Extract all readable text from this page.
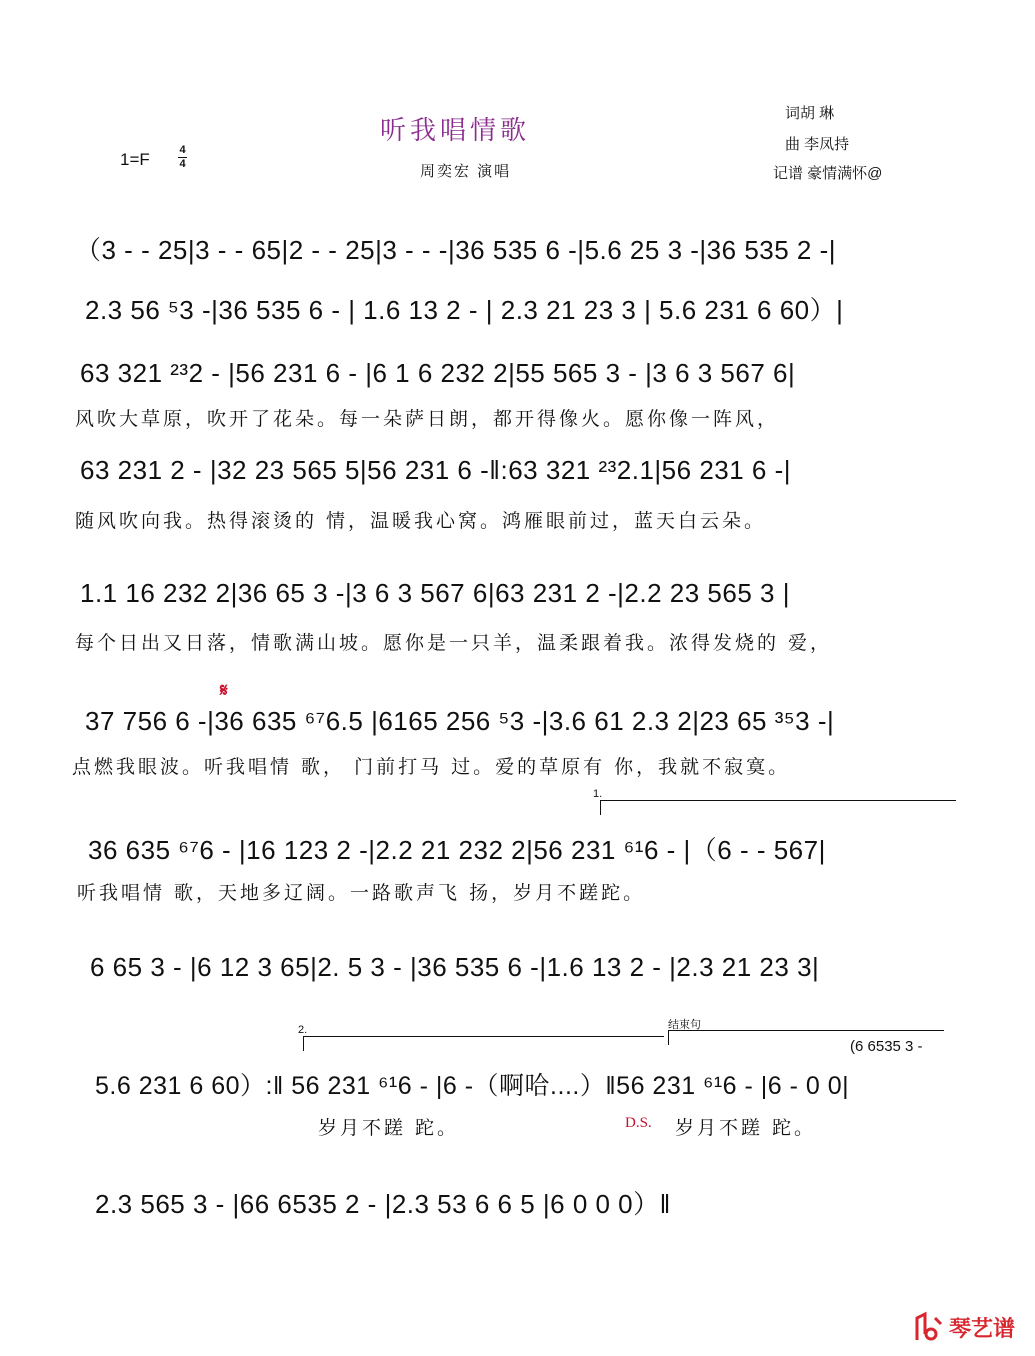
听我唱情歌
周奕宏 演唱
1=F	4
4
词胡 琳
曲 李凤持
记谱 豪情满怀@
（3 - - 25|3 - - 65|2 - - 25|3 - - -|36 535 6 -|5.6 25 3 -|36 535 2 -|
2.3 56 ⁵3 -|36 535 6 - | 1.6 13 2 - | 2.3 21 23 3 | 5.6 231 6 60）|
63 321 ²³2 - |56 231 6 - |6 1 6 232 2|55 565 3 - |3 6 3 567 6|
风吹大草原，吹开了花朵。每一朵萨日朗，都开得像火。愿你像一阵风，
63 231 2 - |32 23 565 5|56 231 6 -‖:63 321 ²³2.1|56 231 6 -|
随风吹向我。热得滚烫的 情，温暖我心窝。鸿雁眼前过，蓝天白云朵。
1.1 16 232 2|36 65 3 -|3 6 3 567 6|63 231 2 -|2.2 23 565 3 |
每个日出又日落，情歌满山坡。愿你是一只羊，温柔跟着我。浓得发烧的 爱，
𝄋
37 756 6 -|36 635 ⁶⁷6.5 |6165 256 ⁵3 -|3.6 61 2.3 2|23 65 ³⁵3 -|
点燃我眼波。听我唱情 歌， 门前打马 过。爱的草原有 你，我就不寂寞。
1.
36 635 ⁶⁷6 - |16 123 2 -|2.2 21 232 2|56 231 ⁶¹6 - |（6 - - 567|
听我唱情 歌，天地多辽阔。一路歌声飞 扬，岁月不蹉跎。
6 65 3 - |6 12 3 65|2. 5 3 - |36 535 6 -|1.6 13 2 - |2.3 21 23 3|
2.	结束句
(6 6535 3 -
5.6 231 6 60）:‖ 56 231 ⁶¹6 - |6 -（啊哈....）‖56 231 ⁶¹6 - |6 - 0 0|
岁月不蹉 跎。	D.S. 岁月不蹉 跎。
2.3 565 3 - |66 6535 2 - |2.3 53 6 6 5 |6 0 0 0）‖
琴艺谱
